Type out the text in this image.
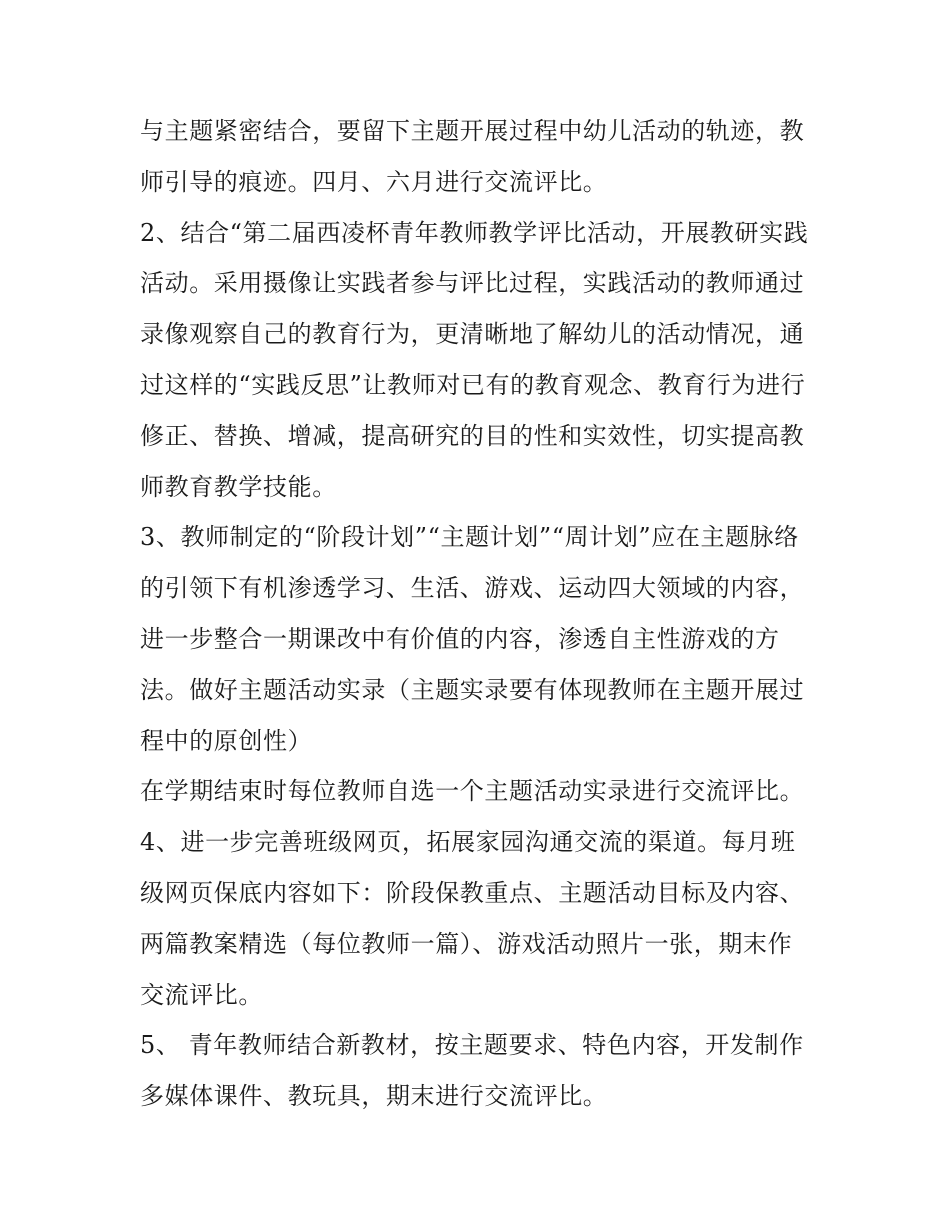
与主题紧密结合，要留下主题开展过程中幼儿活动的轨迹，教
师引导的痕迹。四月、六月进行交流评比。
2、结合“第二届西凌杯青年教师教学评比活动，开展教研实践
活动。采用摄像让实践者参与评比过程，实践活动的教师通过
录像观察自己的教育行为，更清晰地了解幼儿的活动情况，通
过这样的“实践反思”让教师对已有的教育观念、教育行为进行
修正、替换、增减，提高研究的目的性和实效性，切实提高教
师教育教学技能。
3、教师制定的“阶段计划”“主题计划”“周计划”应在主题脉络
的引领下有机渗透学习、生活、游戏、运动四大领域的内容，
进一步整合一期课改中有价值的内容，渗透自主性游戏的方
法。做好主题活动实录（主题实录要有体现教师在主题开展过
程中的原创性）
在学期结束时每位教师自选一个主题活动实录进行交流评比。
4、进一步完善班级网页，拓展家园沟通交流的渠道。每月班
级网页保底内容如下：阶段保教重点、主题活动目标及内容、
两篇教案精选（每位教师一篇）、游戏活动照片一张，期末作
交流评比。
5、 青年教师结合新教材，按主题要求、特色内容，开发制作
多媒体课件、教玩具，期末进行交流评比。
